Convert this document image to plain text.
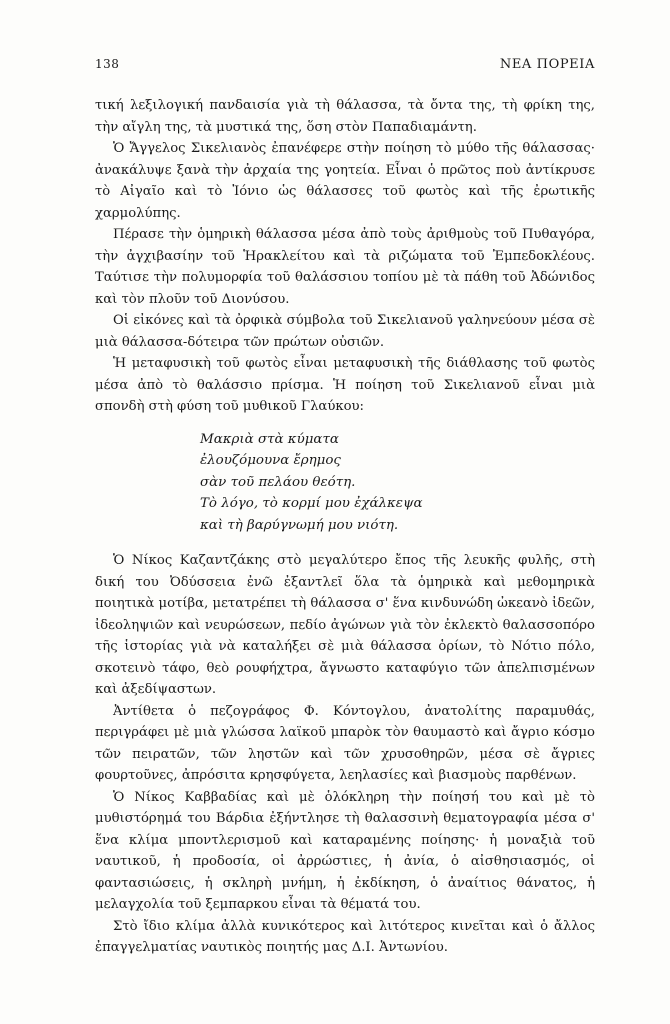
138	ΝΕΑ ΠΟΡΕΙΑ

τική λεξιλογική πανδαισία γιὰ τὴ θάλασσα, τὰ ὄντα της, τὴ φρίκη της, τὴν αἴγλη της, τὰ μυστικά της, ὅση στὸν Παπαδιαμάντη.

Ὁ Ἄγγελος Σικελιανὸς ἐπανέφερε στὴν ποίηση τὸ μύθο τῆς θάλασσας· ἀνακάλυψε ξανὰ τὴν ἀρχαία της γοητεία. Εἶναι ὁ πρῶτος ποὺ ἀντίκρυσε τὸ Αἰγαῖο καὶ τὸ Ἰόνιο ὡς θάλασσες τοῦ φωτὸς καὶ τῆς ἐρωτικῆς χαρμολύπης.

Πέρασε τὴν ὁμηρικὴ θάλασσα μέσα ἀπὸ τοὺς ἀριθμοὺς τοῦ Πυθαγόρα, τὴν ἀγχιβασίην τοῦ Ἡρακλείτου καὶ τὰ ριζώματα τοῦ Ἐμπεδοκλέους. Ταύτισε τὴν πολυμορφία τοῦ θαλάσσιου τοπίου μὲ τὰ πάθη τοῦ Ἀδώνιδος καὶ τὸν πλοῦν τοῦ Διονύσου.

Οἱ εἰκόνες καὶ τὰ ὀρφικὰ σύμβολα τοῦ Σικελιανοῦ γαληνεύουν μέσα σὲ μιὰ θάλασσα-δότειρα τῶν πρώτων οὐσιῶν.

Ἡ μεταφυσικὴ τοῦ φωτὸς εἶναι μεταφυσικὴ τῆς διάθλασης τοῦ φωτὸς μέσα ἀπὸ τὸ θαλάσσιο πρίσμα. Ἡ ποίηση τοῦ Σικελιανοῦ εἶναι μιὰ σπονδὴ στὴ φύση τοῦ μυθικοῦ Γλαύκου:

Μακριὰ στὰ κύματα
ἐλουζόμουνα ἔρημος
σὰν τοῦ πελάου θεότη.
Τὸ λόγο, τὸ κορμί μου ἐχάλκεψα
καὶ τὴ βαρύγνωμή μου νιότη.

Ὁ Νίκος Καζαντζάκης στὸ μεγαλύτερο ἔπος τῆς λευκῆς φυλῆς, στὴ δική του Ὀδύσσεια ἐνῶ ἐξαντλεῖ ὅλα τὰ ὁμηρικὰ καὶ μεθομηρικὰ ποιητικὰ μοτίβα, μετατρέπει τὴ θάλασσα σ' ἕνα κινδυνώδη ὠκεανὸ ἰδεῶν, ἰδεοληψιῶν καὶ νευρώσεων, πεδίο ἀγώνων γιὰ τὸν ἐκλεκτὸ θαλασσοπόρο τῆς ἱστορίας γιὰ νὰ καταλήξει σὲ μιὰ θάλασσα ὁρίων, τὸ Νότιο πόλο, σκοτεινὸ τάφο, θεὸ ρουφήχτρα, ἄγνωστο καταφύγιο τῶν ἀπελπισμένων καὶ ἀξεδίψαστων.

Ἀντίθετα ὁ πεζογράφος Φ. Κόντογλου, ἀνατολίτης παραμυθάς, περιγράφει μὲ μιὰ γλώσσα λαϊκοῦ μπαρὸκ τὸν θαυμαστὸ καὶ ἄγριο κόσμο τῶν πειρατῶν, τῶν ληστῶν καὶ τῶν χρυσοθηρῶν, μέσα σὲ ἄγριες φουρτοῦνες, ἀπρόσιτα κρησφύγετα, λεηλασίες καὶ βιασμοὺς παρθένων.

Ὁ Νίκος Καββαδίας καὶ μὲ ὁλόκληρη τὴν ποίησή του καὶ μὲ τὸ μυθιστόρημά του Βάρδια ἐξήντλησε τὴ θαλασσινὴ θεματογραφία μέσα σ' ἕνα κλίμα μποντλερισμοῦ καὶ καταραμένης ποίησης· ἡ μοναξιὰ τοῦ ναυτικοῦ, ἡ προδοσία, οἱ ἀρρώστιες, ἡ ἀνία, ὁ αἰσθησιασμός, οἱ φαντασιώσεις, ἡ σκληρὴ μνήμη, ἡ ἐκδίκηση, ὁ ἀναίτιος θάνατος, ἡ μελαγχολία τοῦ ξεμπαρκου εἶναι τὰ θέματά του.

Στὸ ἴδιο κλίμα ἀλλὰ κυνικότερος καὶ λιτότερος κινεῖται καὶ ὁ ἄλλος ἐπαγγελματίας ναυτικὸς ποιητής μας Δ.Ι. Ἀντωνίου.
